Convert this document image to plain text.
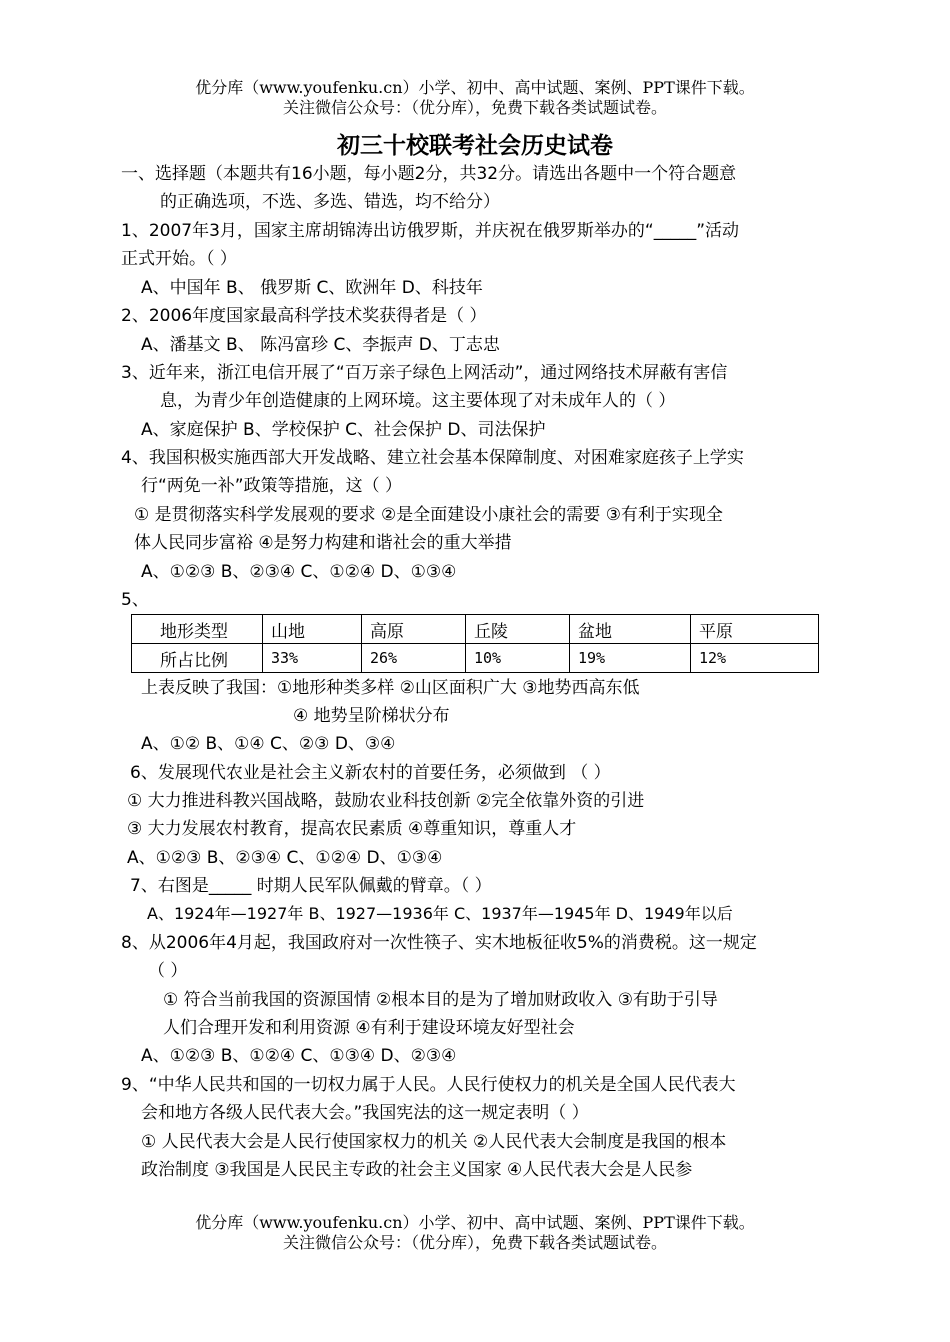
优分库（www.youfenku.cn）小学、初中、高中试题、案例、PPT课件下载。
关注微信公众号：（优分库），免费下载各类试题试卷。
初三十校联考社会历史试卷
一、选择题（本题共有16小题，每小题2分，共32分。请选出各题中一个符合题意
的正确选项，不选、多选、错选，均不给分）
1、2007年3月，国家主席胡锦涛出访俄罗斯，并庆祝在俄罗斯举办的“_____”活动
正式开始。（ ）
A、中国年 B、 俄罗斯 C、欧洲年 D、科技年
2、2006年度国家最高科学技术奖获得者是（ ）
A、潘基文 B、 陈冯富珍 C、李振声 D、丁志忠
3、近年来，浙江电信开展了“百万亲子绿色上网活动”，通过网络技术屏蔽有害信
息，为青少年创造健康的上网环境。这主要体现了对未成年人的（ ）
A、家庭保护 B、学校保护 C、社会保护 D、司法保护
4、我国积极实施西部大开发战略、建立社会基本保障制度、对困难家庭孩子上学实
行“两免一补”政策等措施，这（ ）
① 是贯彻落实科学发展观的要求 ②是全面建设小康社会的需要 ③有利于实现全
体人民同步富裕 ④是努力构建和谐社会的重大举措
A、①②③ B、②③④ C、①②④ D、①③④
5、
地形类型	山地	高原	丘陵	盆地	平原
所占比例	33%	26%	10%	19%	12%
上表反映了我国：①地形种类多样 ②山区面积广大 ③地势西高东低
④ 地势呈阶梯状分布
A、①② B、①④ C、②③ D、③④
6、发展现代农业是社会主义新农村的首要任务，必须做到 （ ）
① 大力推进科教兴国战略，鼓励农业科技创新 ②完全依靠外资的引进
③ 大力发展农村教育，提高农民素质 ④尊重知识，尊重人才
A、①②③ B、②③④ C、①②④ D、①③④
7、右图是_____ 时期人民军队佩戴的臂章。（ ）
A、1924年—1927年 B、1927—1936年 C、1937年—1945年 D、1949年以后
8、从2006年4月起，我国政府对一次性筷子、实木地板征收5%的消费税。这一规定
（ ）
① 符合当前我国的资源国情 ②根本目的是为了增加财政收入 ③有助于引导
人们合理开发和利用资源 ④有利于建设环境友好型社会
A、①②③ B、①②④ C、①③④ D、②③④
9、“中华人民共和国的一切权力属于人民。人民行使权力的机关是全国人民代表大
会和地方各级人民代表大会。”我国宪法的这一规定表明（ ）
① 人民代表大会是人民行使国家权力的机关 ②人民代表大会制度是我国的根本
政治制度 ③我国是人民民主专政的社会主义国家 ④人民代表大会是人民参
优分库（www.youfenku.cn）小学、初中、高中试题、案例、PPT课件下载。
关注微信公众号：（优分库），免费下载各类试题试卷。
